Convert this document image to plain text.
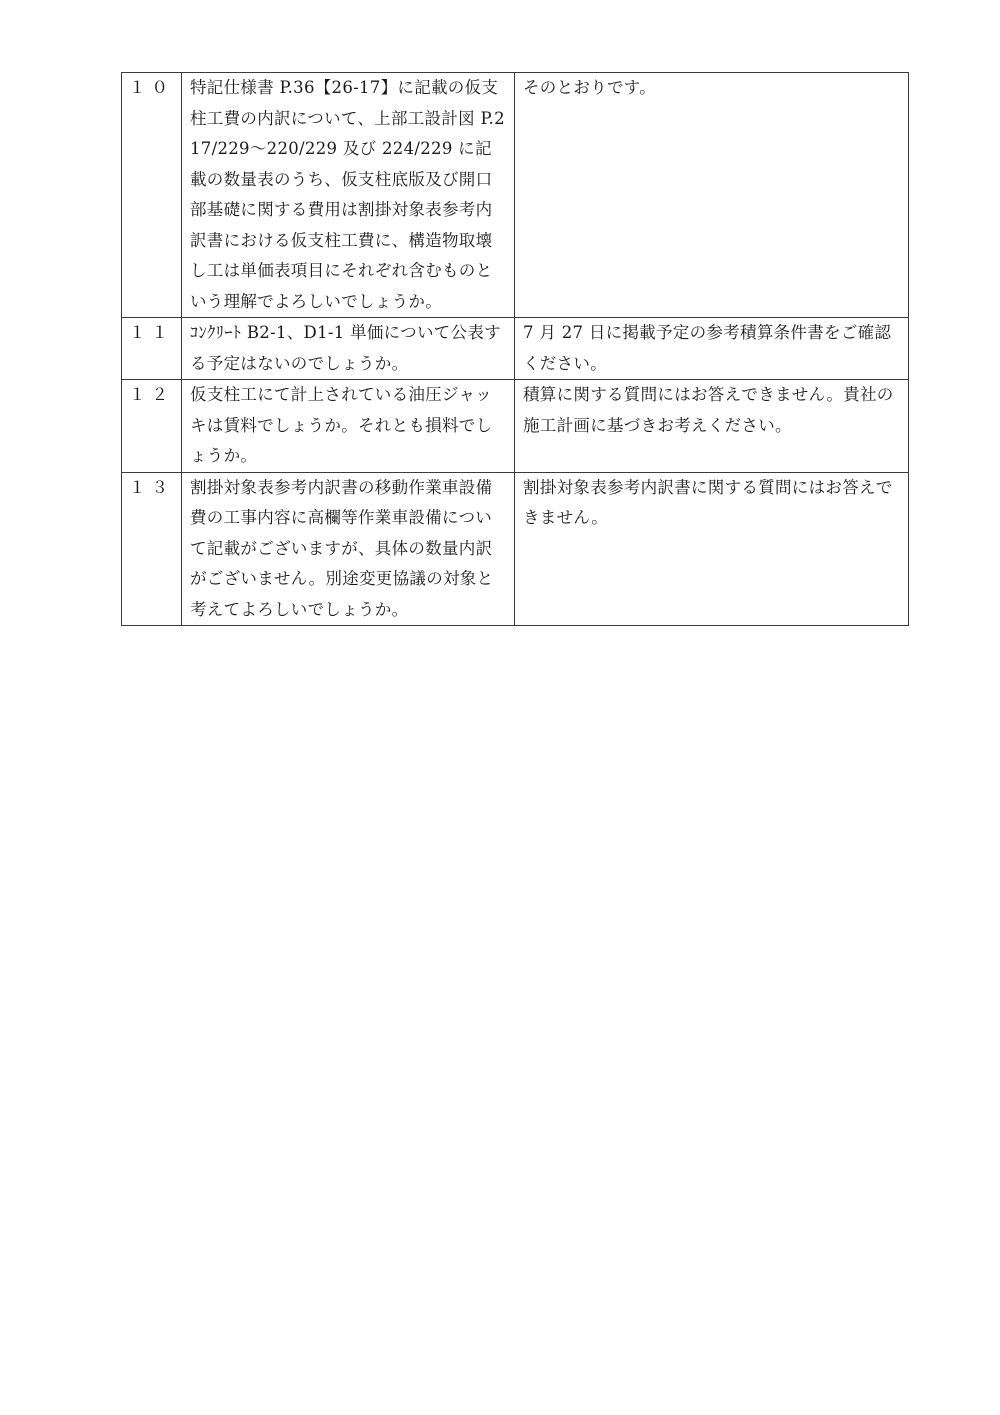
１０	特記仕様書 P.36【26-17】に記載の仮支柱工費の内訳について、上部工設計図 P.217/229～220/229 及び 224/229 に記載の数量表のうち、仮支柱底版及び開口部基礎に関する費用は割掛対象表参考内訳書における仮支柱工費に、構造物取壊し工は単価表項目にそれぞれ含むものという理解でよろしいでしょうか。	そのとおりです。
１１	ｺﾝｸﾘｰﾄ B2-1、D1-1 単価について公表する予定はないのでしょうか。	7 月 27 日に掲載予定の参考積算条件書をご確認ください。
１２	仮支柱工にて計上されている油圧ジャッキは賃料でしょうか。それとも損料でしょうか。	積算に関する質問にはお答えできません。貴社の施工計画に基づきお考えください。
１３	割掛対象表参考内訳書の移動作業車設備費の工事内容に高欄等作業車設備について記載がございますが、具体の数量内訳がございません。別途変更協議の対象と考えてよろしいでしょうか。	割掛対象表参考内訳書に関する質問にはお答えできません。
